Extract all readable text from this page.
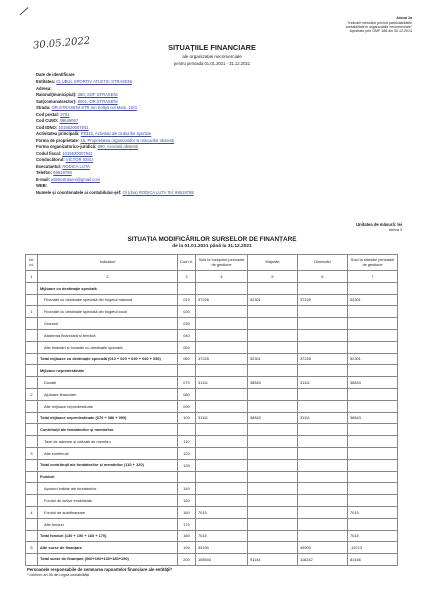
/
30.05.2022
Anexa 1a
"Indicatii metodice privind particularitatile
contabilitatii in organizatiile necomerciale"
Aprobate prin OMF 188 din 30.12.2014
SITUAȚIILE FINANCIARE
ale organizației necomerciale
pentru perioada 01.01.2021 - 31.12.2021
Date de identificare
Entitatea: CLUBUL SPORTIV ATLETIC STRASENI
Adresa:
Raionul(municipiul): 380, SOF STRASENI
Sat(comuna/sector): 8001, OR.STRASENI
Strada: OR.STRASENI STR.Ion Soltys cel Mare, 10/3
Cod postal: 3701
Cod CUIIO: 39645067
Cod IDNO: 1015620007941
Activitatea principală: P9312, Activitati ale cluburilor sportive
Forma de proprietate: 15, Proprietatea organizatiilor si miscarilor obstesti
Forma organizatorico-juridică: 890, Asociatii obstesti
Codul fiscal: 1015620007941
Conducătorul: VICTOR IOSU
Executantul: RODICA LUTA
Telefon: 69519768
E-mail: atleticstraseni@gmail.com
WEB:
Numele şi coordonatele ai contabilului-şef: Ol (dna) RODICA LUTA Tel: 69519768
Unitatea de măsură: lei
Anexa 3
SITUAȚIA MODIFICĂRILOR SURSELOR DE FINANȚARE
de la 01.01.2021 până la 31.12.2021
Nr. rd.	Indicatori	Cod rd.	Sold la începutul perioadei de gestiune	Majorări	Diminuări	Sold la sfârșitul perioadei de gestiune
1	2	3	4	5	6	7
	Mijloace cu destinaţie specială					
	Finanțări cu destinație specială din bugetul național	010	37228	52301	37228	52301
1	Finanțări cu destinație specială din bugetul local	020				
	Granturi	030				
	Asistența financiară și tehnică	040				
	Alte finanțări și încasări cu destinație specială	050				
	Total mijloace cu destinaţie specială (010 + 020 + 030 + 040 + 050)	060	37228	52301	37228	52301
	Mijloace nepredestinate					
	Donații	070	31111	38843	31111	38843
2	Ajutoare financiare	080				
	Alte mijloace nepredestinate	090				
	Total mijloace nepredestinate (070 + 080 + 090)	100	31111	38843	31111	38843
	Contribuţii ale fondatorilor şi membrilor					
	Taxe de aderare și cotizații de membru	110				
3	Alte contribuții	120				
	Total contribuţii ale fondatorilor şi membrilor (110 + 120)	130				
	Fonduri					
	Aporturi inițiale ale fondatorilor	140				
	Fondul de active imobilizate	150				
4	Fondul de autofinanțare	160	7015			7015
	Alte fonduri	170				
	Total fonduri (140 + 150 + 160 + 170)	180	7015			7015
5	Alte surse de finanțare	190	33190		49903	-16713
	Total surse de finanțare (060+100+130+180+190)	200	108544	91144	118242	81446
Persoanele responsabile de semnarea rapoartelor financiare ale entităţii*
* conform art.36 din Legea contabilității
